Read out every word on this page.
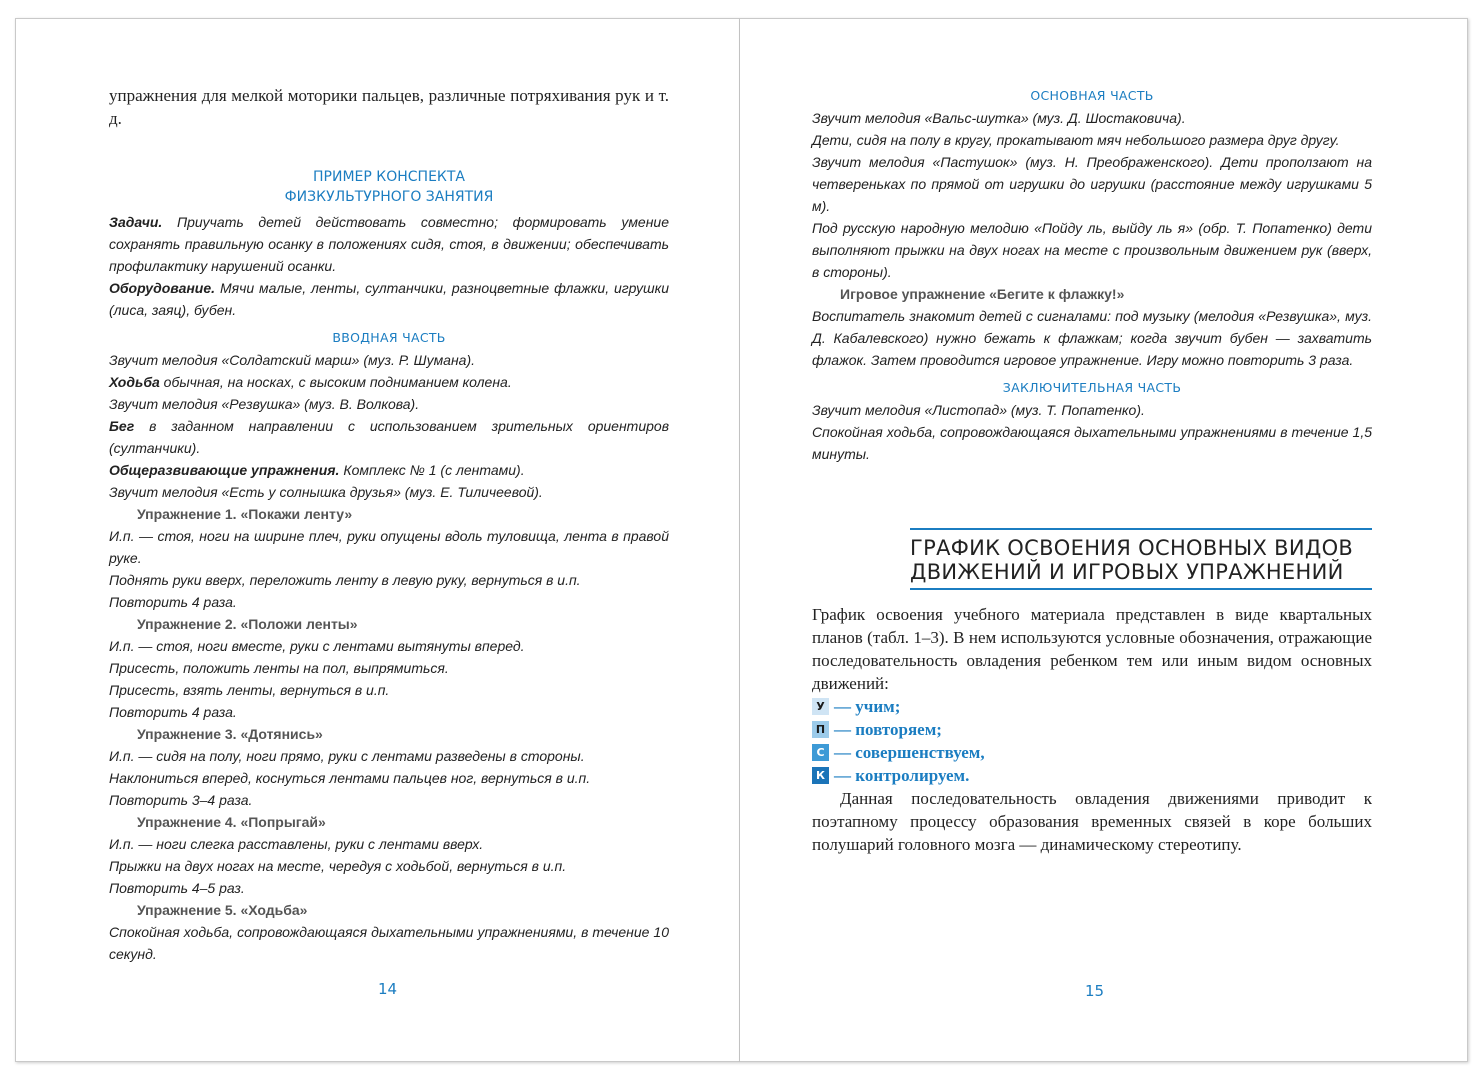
упражнения для мелкой моторики пальцев, различные потряхивания рук и т. д.
ПРИМЕР КОНСПЕКТА
ФИЗКУЛЬТУРНОГО ЗАНЯТИЯ
Задачи. Приучать детей действовать совместно; формировать умение сохранять правильную осанку в положениях сидя, стоя, в движении; обеспечивать профилактику нарушений осанки.
Оборудование. Мячи малые, ленты, султанчики, разноцветные флажки, игрушки (лиса, заяц), бубен.
ВВОДНАЯ ЧАСТЬ
Звучит мелодия «Солдатский марш» (муз. Р. Шумана).
Ходьба обычная, на носках, с высоким подниманием колена.
Звучит мелодия «Резвушка» (муз. В. Волкова).
Бег в заданном направлении с использованием зрительных ориентиров (султанчики).
Общеразвивающие упражнения. Комплекс № 1 (с лентами).
Звучит мелодия «Есть у солнышка друзья» (муз. Е. Тиличеевой).
Упражнение 1. «Покажи ленту»
И.п. — стоя, ноги на ширине плеч, руки опущены вдоль туловища, лента в правой руке.
Поднять руки вверх, переложить ленту в левую руку, вернуться в и.п.
Повторить 4 раза.
Упражнение 2. «Положи ленты»
И.п. — стоя, ноги вместе, руки с лентами вытянуты вперед.
Присесть, положить ленты на пол, выпрямиться.
Присесть, взять ленты, вернуться в и.п.
Повторить 4 раза.
Упражнение 3. «Дотянись»
И.п. — сидя на полу, ноги прямо, руки с лентами разведены в стороны.
Наклониться вперед, коснуться лентами пальцев ног, вернуться в и.п.
Повторить 3–4 раза.
Упражнение 4. «Попрыгай»
И.п. — ноги слегка расставлены, руки с лентами вверх.
Прыжки на двух ногах на месте, чередуя с ходьбой, вернуться в и.п.
Повторить 4–5 раз.
Упражнение 5. «Ходьба»
Спокойная ходьба, сопровождающаяся дыхательными упражнениями, в течение 10 секунд.
14
ОСНОВНАЯ ЧАСТЬ
Звучит мелодия «Вальс-шутка» (муз. Д. Шостаковича).
Дети, сидя на полу в кругу, прокатывают мяч небольшого размера друг другу.
Звучит мелодия «Пастушок» (муз. Н. Преображенского). Дети проползают на четвереньках по прямой от игрушки до игрушки (расстояние между игрушками 5 м).
Под русскую народную мелодию «Пойду ль, выйду ль я» (обр. Т. Попатенко) дети выполняют прыжки на двух ногах на месте с произвольным движением рук (вверх, в стороны).
Игровое упражнение «Бегите к флажку!»
Воспитатель знакомит детей с сигналами: под музыку (мелодия «Резвушка», муз. Д. Кабалевского) нужно бежать к флажкам; когда звучит бубен — захватить флажок. Затем проводится игровое упражнение. Игру можно повторить 3 раза.
ЗАКЛЮЧИТЕЛЬНАЯ ЧАСТЬ
Звучит мелодия «Листопад» (муз. Т. Попатенко).
Спокойная ходьба, сопровождающаяся дыхательными упражнениями в течение 1,5 минуты.
ГРАФИК ОСВОЕНИЯ ОСНОВНЫХ ВИДОВ
ДВИЖЕНИЙ И ИГРОВЫХ УПРАЖНЕНИЙ
График освоения учебного материала представлен в виде квартальных планов (табл. 1–3). В нем используются условные обозначения, отражающие последовательность овладения ребенком тем или иным видом основных движений:
У — учим;
П — повторяем;
С — совершенствуем,
К — контролируем.
Данная последовательность овладения движениями приводит к поэтапному процессу образования временных связей в коре больших полушарий головного мозга — динамическому стереотипу.
15
